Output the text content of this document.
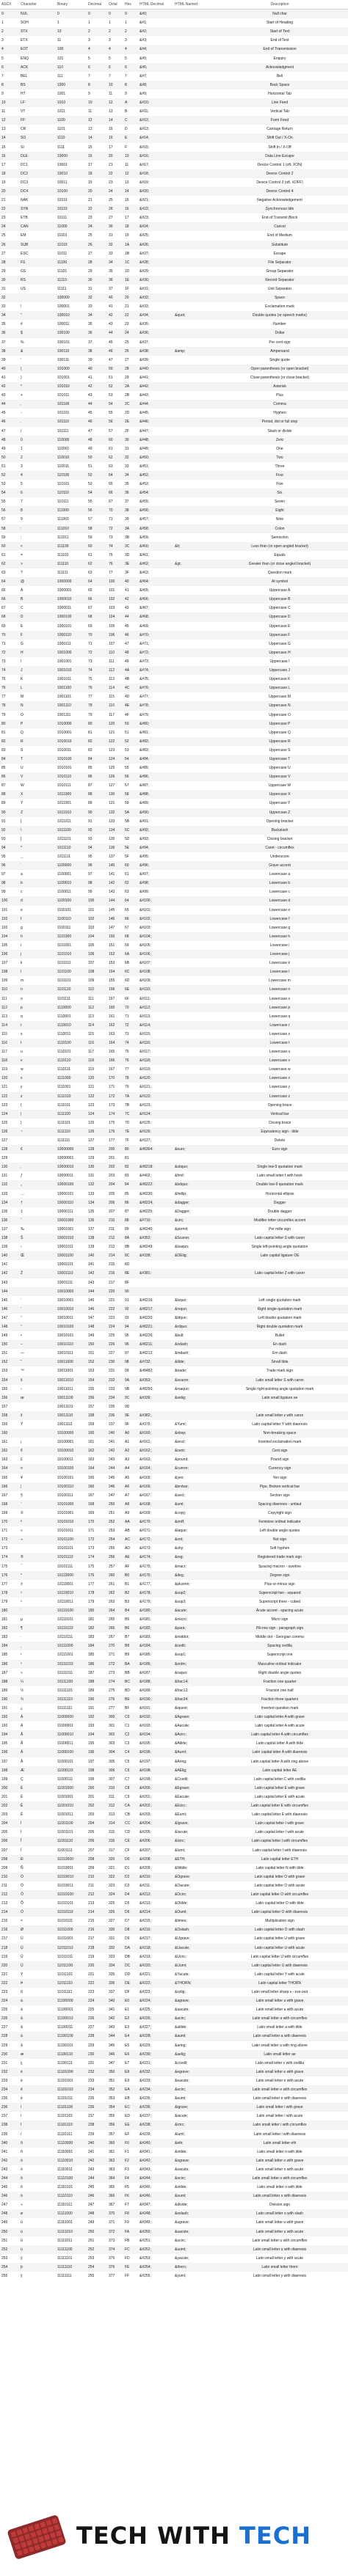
ASCII	Character	Binary	Decimal	Octal	Hex	HTML Decimal	HTML Named	Description
0	NUL	0	0	0	0	&#0;		Null char
1	SOH	1	1	1	1	&#1;		Start of Heading
2	STX	10	2	2	2	&#2;		Start of Text
3	ETX	11	3	3	3	&#3;		End of Text
4	EOT	100	4	4	4	&#4;		End of Transmission
5	ENQ	101	5	5	5	&#5;		Enquiry
6	ACK	110	6	6	6	&#6;		Acknowledgment
7	BEL	111	7	7	7	&#7;		Bell
8	BS	1000	8	10	8	&#8;		Back Space
9	HT	1001	9	11	9	&#9;		Horizontal Tab
10	LF	1010	10	12	A	&#10;		Line Feed
11	VT	1011	11	13	B	&#11;		Vertical Tab
12	FF	1100	12	14	C	&#12;		Form Feed
13	CR	1101	13	15	D	&#13;		Carriage Return
14	SO	1110	14	16	E	&#14;		Shift Out / X-On
15	SI	1111	15	17	F	&#15;		Shift In / X-Off
16	DLE	10000	16	20	10	&#16;		Data Line Escape
17	DC1	10001	17	21	11	&#17;		Device Control 1 (oft. XON)
18	DC2	10010	18	22	12	&#18;		Device Control 2
19	DC3	10011	19	23	13	&#19;		Device Control 3 (oft. XOFF)
20	DC4	10100	20	24	14	&#20;		Device Control 4
21	NAK	10101	21	25	15	&#21;		Negative Acknowledgement
22	SYN	10110	22	26	16	&#22;		Synchronous Idle
23	ETB	10111	23	27	17	&#23;		End of Transmit Block
24	CAN	11000	24	30	18	&#24;		Cancel
25	EM	11001	25	31	19	&#25;		End of Medium
26	SUB	11010	26	32	1A	&#26;		Substitute
27	ESC	11011	27	33	1B	&#27;		Escape
28	FS	11100	28	34	1C	&#28;		File Separator
29	GS	11101	29	35	1D	&#29;		Group Separator
30	RS	11110	30	36	1E	&#30;		Record Separator
31	US	11111	31	37	1F	&#31;		Unit Separator
32		100000	32	40	20	&#32;		Space
33	!	100001	33	41	21	&#33;		Exclamation mark
34	"	100010	34	42	22	&#34;	&quot;	Double quotes (or speech marks)
35	#	100011	35	43	23	&#35;		Number
36	$	100100	36	44	24	&#36;		Dollar
37	%	100101	37	45	25	&#37;		Per cent sign
38	&	100110	38	46	26	&#38;	&amp;	Ampersand
39	'	100111	39	47	27	&#39;		Single quote
40	(	101000	40	50	28	&#40;		Open parenthesis (or open bracket)
41	)	101001	41	51	29	&#41;		Close parenthesis (or close bracket)
42	*	101010	42	52	2A	&#42;		Asterisk
43	+	101011	43	53	2B	&#43;		Plus
44	,	101100	44	54	2C	&#44;		Comma
45	-	101101	45	55	2D	&#45;		Hyphen
46	.	101110	46	56	2E	&#46;		Period, dot or full stop
47	/	101111	47	57	2F	&#47;		Slash or divide
48	0	110000	48	60	30	&#48;		Zero
49	1	110001	49	61	31	&#49;		One
50	2	110010	50	62	32	&#50;		Two
51	3	110011	51	63	33	&#51;		Three
52	4	110100	52	64	34	&#52;		Four
53	5	110101	53	65	35	&#53;		Five
54	6	110110	54	66	36	&#54;		Six
55	7	110111	55	67	37	&#55;		Seven
56	8	111000	56	70	38	&#56;		Eight
57	9	111001	57	71	39	&#57;		Nine
58	:	111010	58	72	3A	&#58;		Colon
59	;	111011	59	73	3B	&#59;		Semicolon
60	<	111100	60	74	3C	&#60;	&lt;	Less than (or open angled bracket)
61	=	111101	61	75	3D	&#61;		Equals
62	>	111110	62	76	3E	&#62;	&gt;	Greater than (or close angled bracket)
63	?	111111	63	77	3F	&#63;		Question mark
64	@	1000000	64	100	40	&#64;		At symbol
65	A	1000001	65	101	41	&#65;		Uppercase A
66	B	1000010	66	102	42	&#66;		Uppercase B
67	C	1000011	67	103	43	&#67;		Uppercase C
68	D	1000100	68	104	44	&#68;		Uppercase D
69	E	1000101	69	105	45	&#69;		Uppercase E
70	F	1000110	70	106	46	&#70;		Uppercase F
71	G	1000111	71	107	47	&#71;		Uppercase G
72	H	1001000	72	110	48	&#72;		Uppercase H
73	I	1001001	73	111	49	&#73;		Uppercase I
74	J	1001010	74	112	4A	&#74;		Uppercase J
75	K	1001011	75	113	4B	&#75;		Uppercase K
76	L	1001100	76	114	4C	&#76;		Uppercase L
77	M	1001101	77	115	4D	&#77;		Uppercase M
78	N	1001110	78	116	4E	&#78;		Uppercase N
79	O	1001111	79	117	4F	&#79;		Uppercase O
80	P	1010000	80	120	50	&#80;		Uppercase P
81	Q	1010001	81	121	51	&#81;		Uppercase Q
82	R	1010010	82	122	52	&#82;		Uppercase R
83	S	1010011	83	123	53	&#83;		Uppercase S
84	T	1010100	84	124	54	&#84;		Uppercase T
85	U	1010101	85	125	55	&#85;		Uppercase U
86	V	1010110	86	126	56	&#86;		Uppercase V
87	W	1010111	87	127	57	&#87;		Uppercase W
88	X	1011000	88	130	58	&#88;		Uppercase X
89	Y	1011001	89	131	59	&#89;		Uppercase Y
90	Z	1011010	90	132	5A	&#90;		Uppercase Z
91	[	1011011	91	133	5B	&#91;		Opening bracket
92	\	1011100	92	134	5C	&#92;		Backslash
93	]	1011101	93	135	5D	&#93;		Closing bracket
94	^	1011110	94	136	5E	&#94;		Caret - circumflex
95	_	1011111	95	137	5F	&#95;		Underscore
96	`	1100000	96	140	60	&#96;		Grave accent
97	a	1100001	97	141	61	&#97;		Lowercase a
98	b	1100010	98	142	62	&#98;		Lowercase b
99	c	1100011	99	143	63	&#99;		Lowercase c
100	d	1100100	100	144	64	&#100;		Lowercase d
101	e	1100101	101	145	65	&#101;		Lowercase e
102	f	1100110	102	146	66	&#102;		Lowercase f
103	g	1100111	103	147	67	&#103;		Lowercase g
104	h	1101000	104	150	68	&#104;		Lowercase h
105	i	1101001	105	151	69	&#105;		Lowercase i
106	j	1101010	106	152	6A	&#106;		Lowercase j
107	k	1101011	107	153	6B	&#107;		Lowercase k
108	l	1101100	108	154	6C	&#108;		Lowercase l
109	m	1101101	109	155	6D	&#109;		Lowercase m
110	n	1101110	110	156	6E	&#110;		Lowercase n
111	o	1101111	111	157	6F	&#111;		Lowercase o
112	p	1110000	112	160	70	&#112;		Lowercase p
113	q	1110001	113	161	71	&#113;		Lowercase q
114	r	1110010	114	162	72	&#114;		Lowercase r
115	s	1110011	115	163	73	&#115;		Lowercase s
116	t	1110100	116	164	74	&#116;		Lowercase t
117	u	1110101	117	165	75	&#117;		Lowercase u
118	v	1110110	118	166	76	&#118;		Lowercase v
119	w	1110111	119	167	77	&#119;		Lowercase w
120	x	1111000	120	170	78	&#120;		Lowercase x
121	y	1111001	121	171	79	&#121;		Lowercase y
122	z	1111010	122	172	7A	&#122;		Lowercase z
123	{	1111011	123	173	7B	&#123;		Opening brace
124	|	1111100	124	174	7C	&#124;		Vertical bar
125	}	1111101	125	175	7D	&#125;		Closing brace
126	~	1111110	126	176	7E	&#126;		Equivalency sign - tilde
127		1111111	127	177	7F	&#127;		Delete
128	€	10000000	128	200	80	&#8364;	&euro;	Euro sign
129		10000001	129	201	81			
130	‚	10000010	130	202	82	&#8218;	&sbquo;	Single low-9 quotation mark
131	ƒ	10000011	131	203	83	&#402;	&fnof;	Latin small letter f with hook
132	„	10000100	132	204	84	&#8222;	&bdquo;	Double low-9 quotation mark
133	…	10000101	133	205	85	&#8230;	&hellip;	Horizontal ellipsis
134	†	10000110	134	206	86	&#8224;	&dagger;	Dagger
135	‡	10000111	135	207	87	&#8225;	&Dagger;	Double dagger
136	ˆ	10001000	136	210	88	&#710;	&circ;	Modifier letter circumflex accent
137	‰	10001001	137	211	89	&#8240;	&permil;	Per mille sign
138	Š	10001010	138	212	8A	&#352;	&Scaron;	Latin capital letter S with caron
139	‹	10001011	139	213	8B	&#8249;	&lsaquo;	Single left-pointing angle quotation
140	Œ	10001100	140	214	8C	&#338;	&OElig;	Latin capital ligature OE
141		10001101	141	215	8D			
142	Ž	10001110	142	216	8E	&#381;		Latin capital letter Z with caron
143		10001111	143	217	8F			
144		10010000	144	220	90			
145	‘	10010001	145	221	91	&#8216;	&lsquo;	Left single quotation mark
146	’	10010010	146	222	92	&#8217;	&rsquo;	Right single quotation mark
147	“	10010011	147	223	93	&#8220;	&ldquo;	Left double quotation mark
148	”	10010100	148	224	94	&#8221;	&rdquo;	Right double quotation mark
149	•	10010101	149	225	95	&#8226;	&bull;	Bullet
150	–	10010110	150	226	96	&#8211;	&ndash;	En dash
151	—	10010111	151	227	97	&#8212;	&mdash;	Em dash
152	˜	10011000	152	230	98	&#732;	&tilde;	Small tilde
153	™	10011001	153	231	99	&#8482;	&trade;	Trade mark sign
154	š	10011010	154	232	9A	&#353;	&scaron;	Latin small letter S with caron
155	›	10011011	155	233	9B	&#8250;	&rsaquo;	Single right-pointing angle quotation mark
156	œ	10011100	156	234	9C	&#339;	&oelig;	Latin small ligature oe
157		10011101	157	235	9D			
158	ž	10011110	158	236	9E	&#382;		Latin small letter z with caron
159	Ÿ	10011111	159	237	9F	&#376;	&Yuml;	Latin capital letter Y with diaeresis
160		10100000	160	240	A0	&#160;	&nbsp;	Non-breaking space
161	¡	10100001	161	241	A1	&#161;	&iexcl;	Inverted exclamation mark
162	¢	10100010	162	242	A2	&#162;	&cent;	Cent sign
163	£	10100011	163	243	A3	&#163;	&pound;	Pound sign
164	¤	10100100	164	244	A4	&#164;	&curren;	Currency sign
165	¥	10100101	165	245	A5	&#165;	&yen;	Yen sign
166	¦	10100110	166	246	A6	&#166;	&brvbar;	Pipe, Broken vertical bar
167	§	10100111	167	247	A7	&#167;	&sect;	Section sign
168	¨	10101000	168	250	A8	&#168;	&uml;	Spacing diaeresis - umlaut
169	©	10101001	169	251	A9	&#169;	&copy;	Copyright sign
170	ª	10101010	170	252	AA	&#170;	&ordf;	Feminine ordinal indicator
171	«	10101011	171	253	AB	&#171;	&laquo;	Left double angle quotes
172	¬	10101100	172	254	AC	&#172;	&not;	Not sign
173		10101101	173	255	AD	&#173;	&shy;	Soft hyphen
174	®	10101110	174	256	AE	&#174;	&reg;	Registered trade mark sign
175	¯	10101111	175	257	AF	&#175;	&macr;	Spacing macron - overline
176	°	10110000	176	260	B0	&#176;	&deg;	Degree sign
177	±	10110001	177	261	B1	&#177;	&plusmn;	Plus-or-minus sign
178	²	10110010	178	262	B2	&#178;	&sup2;	Superscript two - squared
179	³	10110011	179	263	B3	&#179;	&sup3;	Superscript three - cubed
180	´	10110100	180	264	B4	&#180;	&acute;	Acute accent - spacing acute
181	µ	10110101	181	265	B5	&#181;	&micro;	Micro sign
182	¶	10110110	182	266	B6	&#182;	&para;	Pilcrow sign - paragraph sign
183	·	10110111	183	267	B7	&#183;	&middot;	Middle dot - Georgian comma
184	¸	10111000	184	270	B8	&#184;	&cedil;	Spacing cedilla
185	¹	10111001	185	271	B9	&#185;	&sup1;	Superscript one
186	º	10111010	186	272	BA	&#186;	&ordm;	Masculine ordinal indicator
187	»	10111011	187	273	BB	&#187;	&raquo;	Right double angle quotes
188	¼	10111100	188	274	BC	&#188;	&frac14;	Fraction one quarter
189	½	10111101	189	275	BD	&#189;	&frac12;	Fraction one half
190	¾	10111110	190	276	BE	&#190;	&frac34;	Fraction three quarters
191	¿	10111111	191	277	BF	&#191;	&iquest;	Inverted question mark
192	À	11000000	192	300	C0	&#192;	&Agrave;	Latin capital letter A with grave
193	Á	11000001	193	301	C1	&#193;	&Aacute;	Latin capital letter A with acute
194	Â	11000010	194	302	C2	&#194;	&Acirc;	Latin capital letter A with circumflex
195	Ã	11000011	195	303	C3	&#195;	&Atilde;	Latin capital letter A with tilde
196	Ä	11000100	196	304	C4	&#196;	&Auml;	Latin capital letter A with diaeresis
197	Å	11000101	197	305	C5	&#197;	&Aring;	Latin capital letter A with ring above
198	Æ	11000110	198	306	C6	&#198;	&AElig;	Latin capital letter AE
199	Ç	11000111	199	307	C7	&#199;	&Ccedil;	Latin capital letter C with cedilla
200	È	11001000	200	310	C8	&#200;	&Egrave;	Latin capital letter E with grave
201	É	11001001	201	311	C9	&#201;	&Eacute;	Latin capital letter E with acute
202	Ê	11001010	202	312	CA	&#202;	&Ecirc;	Latin capital letter E with circumflex
203	Ë	11001011	203	313	CB	&#203;	&Euml;	Latin capital letter E with diaeresis
204	Ì	11001100	204	314	CC	&#204;	&Igrave;	Latin capital letter I with grave
205	Í	11001101	205	315	CD	&#205;	&Iacute;	Latin capital letter I with acute
206	Î	11001110	206	316	CE	&#206;	&Icirc;	Latin capital letter I with circumflex
207	Ï	11001111	207	317	CF	&#207;	&Iuml;	Latin capital letter I with diaeresis
208	Ð	11010000	208	320	D0	&#208;	&ETH;	Latin capital letter ETH
209	Ñ	11010001	209	321	D1	&#209;	&Ntilde;	Latin capital letter N with tilde
210	Ò	11010010	210	322	D2	&#210;	&Ograve;	Latin capital letter O with grave
211	Ó	11010011	211	323	D3	&#211;	&Oacute;	Latin capital letter O with acute
212	Ô	11010100	212	324	D4	&#212;	&Ocirc;	Latin capital letter O with circumflex
213	Õ	11010101	213	325	D5	&#213;	&Otilde;	Latin capital letter O with tilde
214	Ö	11010110	214	326	D6	&#214;	&Ouml;	Latin capital letter O with diaeresis
215	×	11010111	215	327	D7	&#215;	&times;	Multiplication sign
216	Ø	11011000	216	330	D8	&#216;	&Oslash;	Latin capital letter O with slash
217	Ù	11011001	217	331	D9	&#217;	&Ugrave;	Latin capital letter U with grave
218	Ú	11011010	218	332	DA	&#218;	&Uacute;	Latin capital letter U with acute
219	Û	11011011	219	333	DB	&#219;	&Ucirc;	Latin capital letter U with circumflex
220	Ü	11011100	220	334	DC	&#220;	&Uuml;	Latin capital letter U with diaeresis
221	Ý	11011101	221	335	DD	&#221;	&Yacute;	Latin capital letter Y with acute
222	Þ	11011110	222	336	DE	&#222;	&THORN;	Latin capital letter THORN
223	ß	11011111	223	337	DF	&#223;	&szlig;	Latin small letter sharp s - ess-zed
224	à	11100000	224	340	E0	&#224;	&agrave;	Latin small letter a with grave
225	á	11100001	225	341	E1	&#225;	&aacute;	Latin small letter a with acute
226	â	11100010	226	342	E2	&#226;	&acirc;	Latin small letter a with circumflex
227	ã	11100011	227	343	E3	&#227;	&atilde;	Latin small letter a with tilde
228	ä	11100100	228	344	E4	&#228;	&auml;	Latin small letter a with diaeresis
229	å	11100101	229	345	E5	&#229;	&aring;	Latin small letter a with ring above
230	æ	11100110	230	346	E6	&#230;	&aelig;	Latin small letter ae
231	ç	11100111	231	347	E7	&#231;	&ccedil;	Latin small letter c with cedilla
232	è	11101000	232	350	E8	&#232;	&egrave;	Latin small letter e with grave
233	é	11101001	233	351	E9	&#233;	&eacute;	Latin small letter e with acute
234	ê	11101010	234	352	EA	&#234;	&ecirc;	Latin small letter e with circumflex
235	ë	11101011	235	353	EB	&#235;	&euml;	Latin small letter e with diaeresis
236	ì	11101100	236	354	EC	&#236;	&igrave;	Latin small letter i with grave
237	í	11101101	237	355	ED	&#237;	&iacute;	Latin small letter i with acute
238	î	11101110	238	356	EE	&#238;	&icirc;	Latin small letter i with circumflex
239	ï	11101111	239	357	EF	&#239;	&iuml;	Latin small letter i with diaeresis
240	ð	11110000	240	360	F0	&#240;	&eth;	Latin small letter eth
241	ñ	11110001	241	361	F1	&#241;	&ntilde;	Latin small letter n with tilde
242	ò	11110010	242	362	F2	&#242;	&ograve;	Latin small letter o with grave
243	ó	11110011	243	363	F3	&#243;	&oacute;	Latin small letter o with acute
244	ô	11110100	244	364	F4	&#244;	&ocirc;	Latin small letter o with circumflex
245	õ	11110101	245	365	F5	&#245;	&otilde;	Latin small letter o with tilde
246	ö	11110110	246	366	F6	&#246;	&ouml;	Latin small letter o with diaeresis
247	÷	11110111	247	367	F7	&#247;	&divide;	Division sign
248	ø	11111000	248	370	F8	&#248;	&oslash;	Latin small letter o with slash
249	ù	11111001	249	371	F9	&#249;	&ugrave;	Latin small letter u with grave
250	ú	11111010	250	372	FA	&#250;	&uacute;	Latin small letter u with acute
251	û	11111011	251	373	FB	&#251;	&ucirc;	Latin small letter u with circumflex
252	ü	11111100	252	374	FC	&#252;	&uuml;	Latin small letter u with diaeresis
253	ý	11111101	253	375	FD	&#253;	&yacute;	Latin small letter y with acute
254	þ	11111110	254	376	FE	&#254;	&thorn;	Latin small letter thorn
255	ÿ	11111111	255	377	FF	&#255;	&yuml;	Latin small letter y with diaeresis
TECH WITH TECH
